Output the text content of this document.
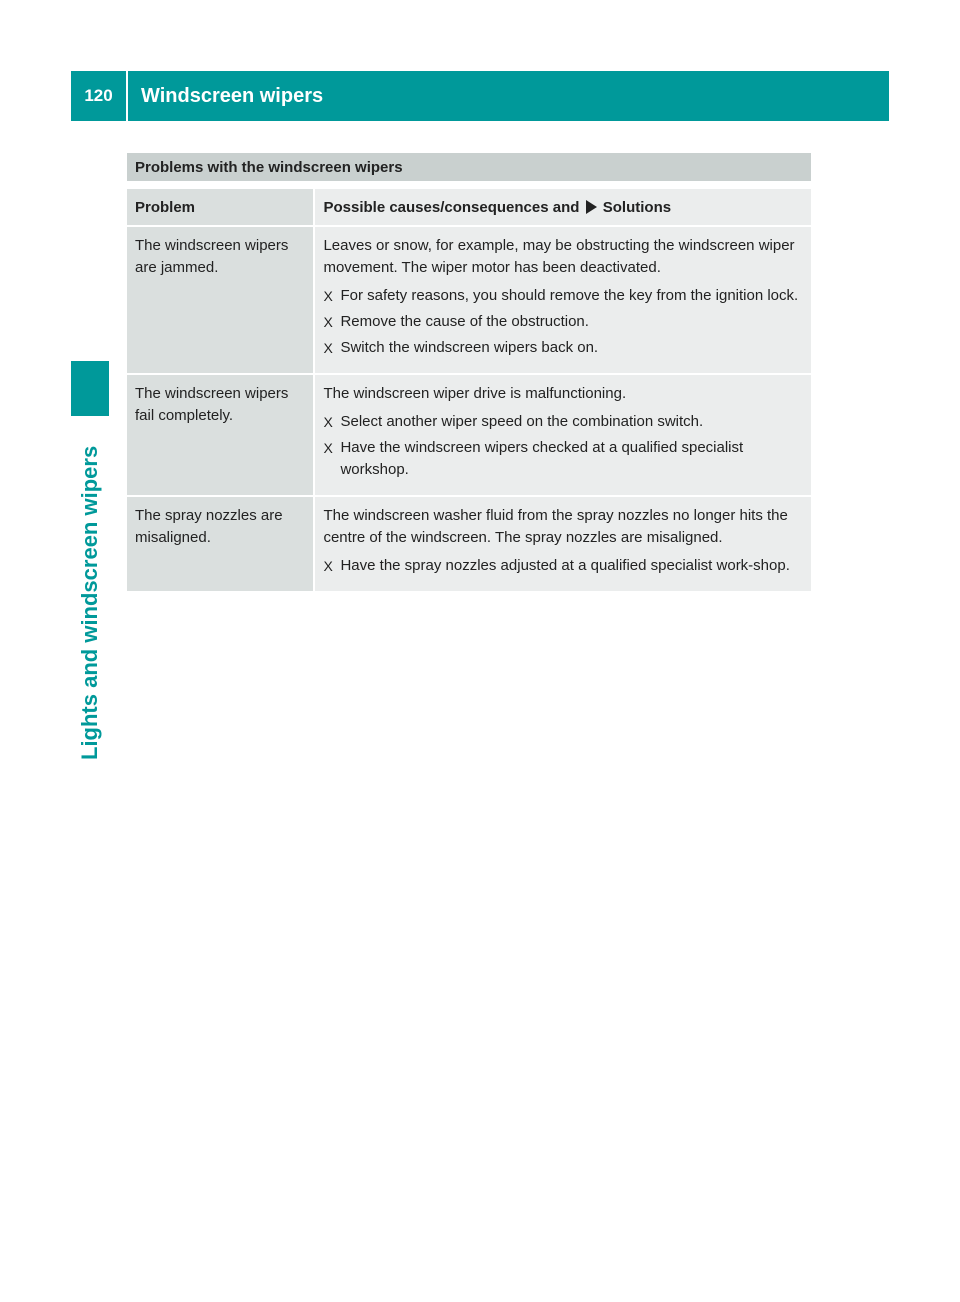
120	Windscreen wipers
Lights and windscreen wipers
Problems with the windscreen wipers
Problem	Possible causes/consequences and Solutions
The windscreen wipers are jammed.

Leaves or snow, for example, may be obstructing the windscreen wiper movement. The wiper motor has been deactivated.

X For safety reasons, you should remove the key from the ignition lock.
X Remove the cause of the obstruction.
X Switch the windscreen wipers back on.
The windscreen wipers fail completely.

The windscreen wiper drive is malfunctioning.

X Select another wiper speed on the combination switch.
X Have the windscreen wipers checked at a qualified specialist workshop.
The spray nozzles are misaligned.

The windscreen washer fluid from the spray nozzles no longer hits the centre of the windscreen. The spray nozzles are misaligned.

X Have the spray nozzles adjusted at a qualified specialist work-shop.
